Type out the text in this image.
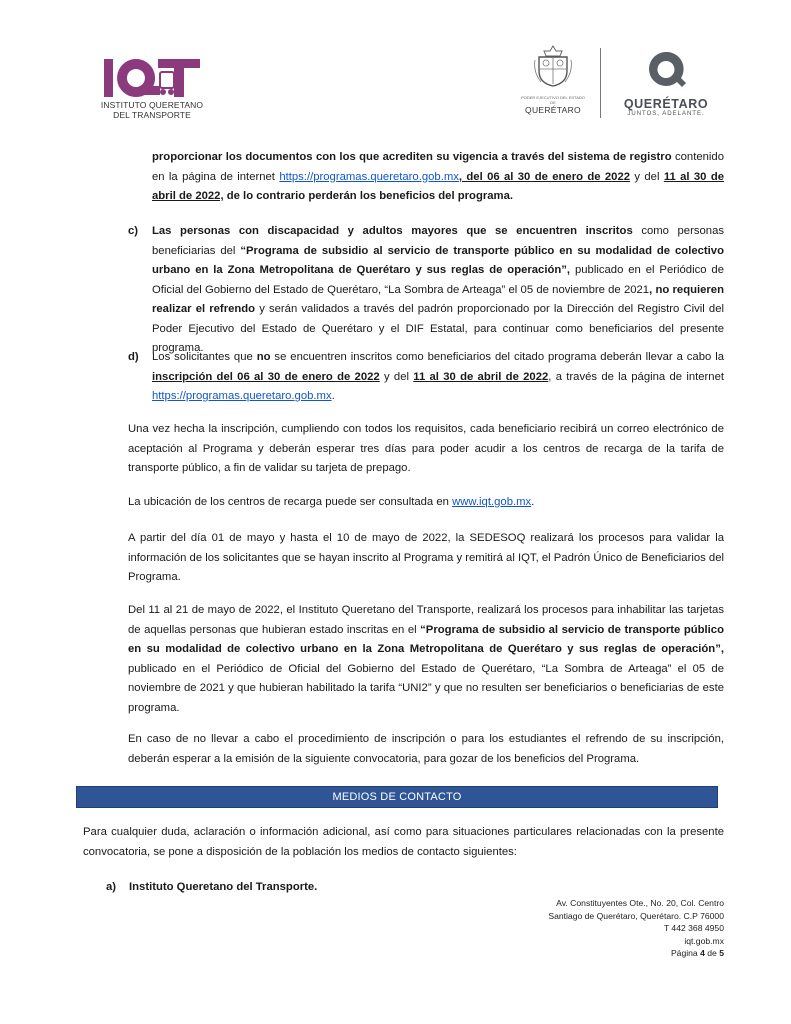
INSTITUTO QUERETANO
DEL TRANSPORTE
PODER EJECUTIVO DEL ESTADO DE
QUERÉTARO	QUERÉTARO
JUNTOS, ADELANTE.

proporcionar los documentos con los que acrediten su vigencia a través del sistema de registro contenido en la página de internet https://programas.queretaro.gob.mx, del 06 al 30 de enero de 2022 y del 11 al 30 de abril de 2022, de lo contrario perderán los beneficios del programa.

c) Las personas con discapacidad y adultos mayores que se encuentren inscritos como personas beneficiarias del “Programa de subsidio al servicio de transporte público en su modalidad de colectivo urbano en la Zona Metropolitana de Querétaro y sus reglas de operación”, publicado en el Periódico de Oficial del Gobierno del Estado de Querétaro, “La Sombra de Arteaga” el 05 de noviembre de 2021, no requieren realizar el refrendo y serán validados a través del padrón proporcionado por la Dirección del Registro Civil del Poder Ejecutivo del Estado de Querétaro y el DIF Estatal, para continuar como beneficiarios del presente programa.

d) Los solicitantes que no se encuentren inscritos como beneficiarios del citado programa deberán llevar a cabo la inscripción del 06 al 30 de enero de 2022 y del 11 al 30 de abril de 2022, a través de la página de internet https://programas.queretaro.gob.mx.

Una vez hecha la inscripción, cumpliendo con todos los requisitos, cada beneficiario recibirá un correo electrónico de aceptación al Programa y deberán esperar tres días para poder acudir a los centros de recarga de la tarifa de transporte público, a fin de validar su tarjeta de prepago.

La ubicación de los centros de recarga puede ser consultada en www.iqt.gob.mx.

A partir del día 01 de mayo y hasta el 10 de mayo de 2022, la SEDESOQ realizará los procesos para validar la información de los solicitantes que se hayan inscrito al Programa y remitirá al IQT, el Padrón Único de Beneficiarios del Programa.

Del 11 al 21 de mayo de 2022, el Instituto Queretano del Transporte, realizará los procesos para inhabilitar las tarjetas de aquellas personas que hubieran estado inscritas en el “Programa de subsidio al servicio de transporte público en su modalidad de colectivo urbano en la Zona Metropolitana de Querétaro y sus reglas de operación”, publicado en el Periódico de Oficial del Gobierno del Estado de Querétaro, “La Sombra de Arteaga” el 05 de noviembre de 2021 y que hubieran habilitado la tarifa “UNI2” y que no resulten ser beneficiarios o beneficiarias de este programa.

En caso de no llevar a cabo el procedimiento de inscripción o para los estudiantes el refrendo de su inscripción, deberán esperar a la emisión de la siguiente convocatoria, para gozar de los beneficios del Programa.

MEDIOS DE CONTACTO

Para cualquier duda, aclaración o información adicional, así como para situaciones particulares relacionadas con la presente convocatoria, se pone a disposición de la población los medios de contacto siguientes:

a) Instituto Queretano del Transporte.
Av. Constituyentes Ote., No. 20, Col. Centro
Santiago de Querétaro, Querétaro. C.P 76000
T 442 368 4950
iqt.gob.mx
Página 4 de 5
